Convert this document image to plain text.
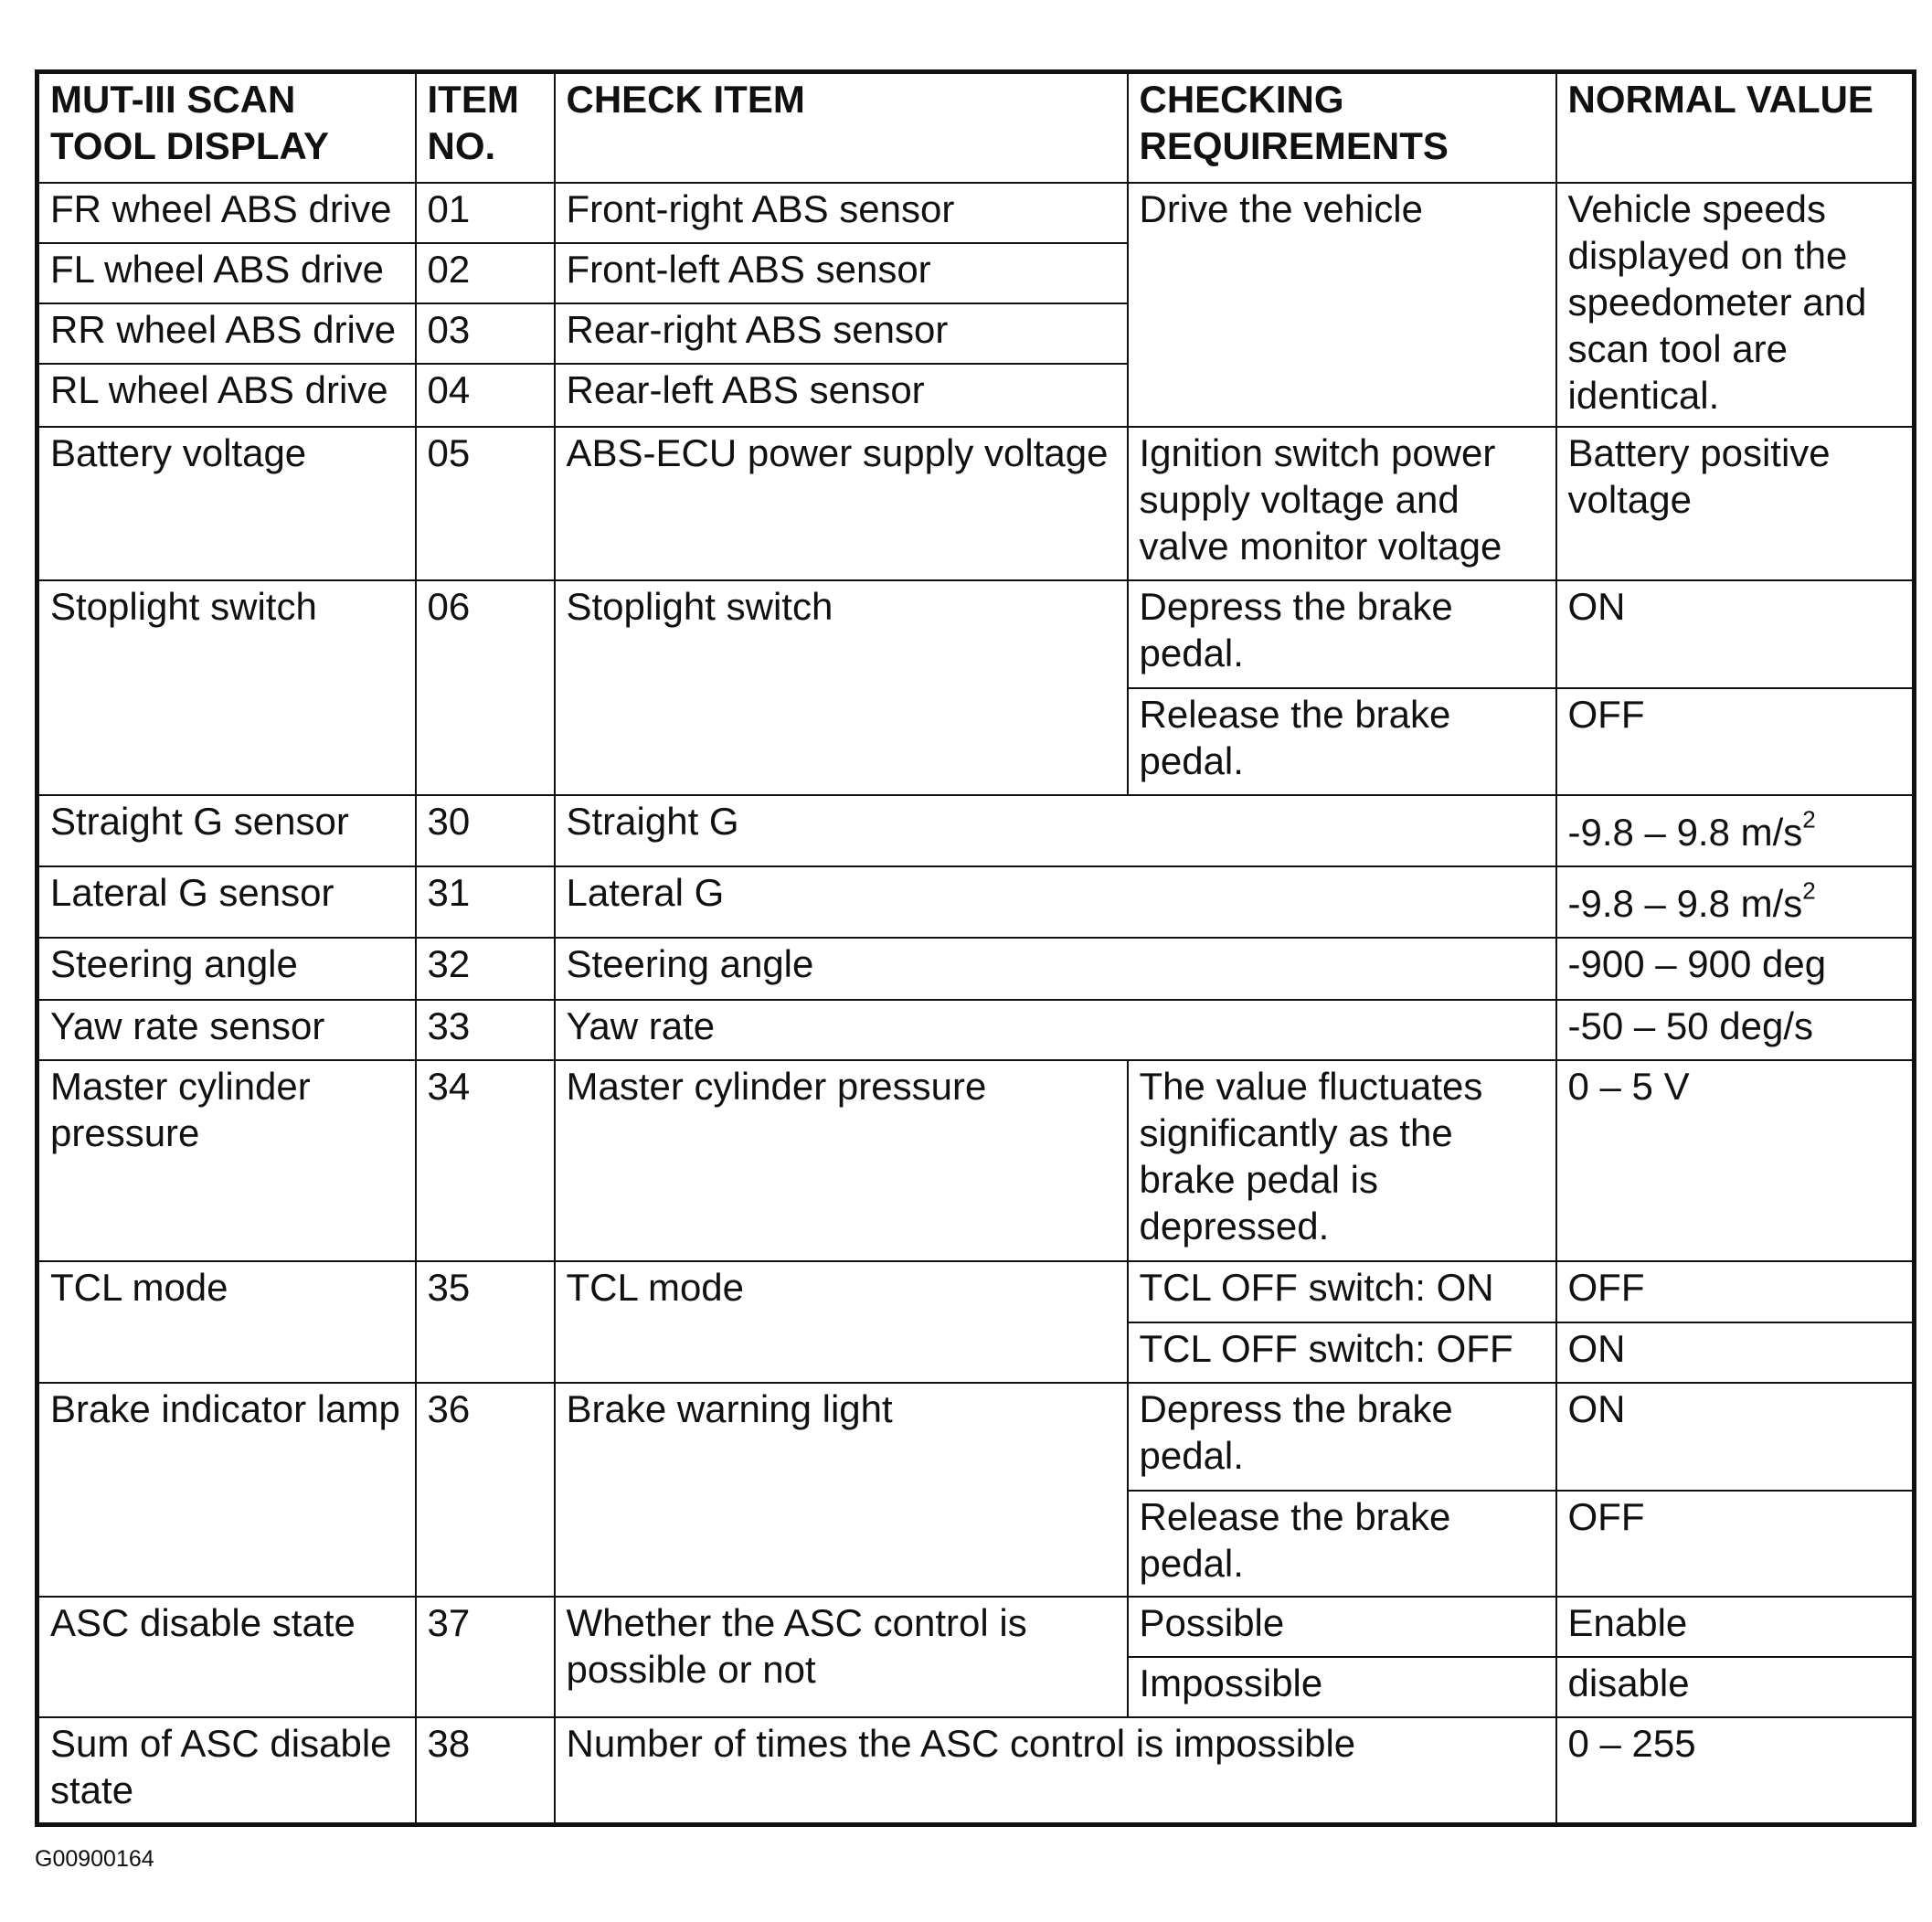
MUT-III SCAN TOOL DISPLAY	ITEM NO.	CHECK ITEM	CHECKING REQUIREMENTS	NORMAL VALUE
FR wheel ABS drive	01	Front-right ABS sensor	Drive the vehicle	Vehicle speeds displayed on the speedometer and scan tool are identical.
FL wheel ABS drive	02	Front-left ABS sensor		
RR wheel ABS drive	03	Rear-right ABS sensor		
RL wheel ABS drive	04	Rear-left ABS sensor		
Battery voltage	05	ABS-ECU power supply voltage	Ignition switch power supply voltage and valve monitor voltage	Battery positive voltage
Stoplight switch	06	Stoplight switch	Depress the brake pedal.	ON
			Release the brake pedal.	OFF
Straight G sensor	30	Straight G		-9.8 – 9.8 $m/s^2$
Lateral G sensor	31	Lateral G		-9.8 – 9.8 $m/s^2$
Steering angle	32	Steering angle		-900 – 900 deg
Yaw rate sensor	33	Yaw rate		-50 – 50 deg/s
Master cylinder pressure	34	Master cylinder pressure	The value fluctuates significantly as the brake pedal is depressed.	0 – 5 V
TCL mode	35	TCL mode	TCL OFF switch: ON	OFF
			TCL OFF switch: OFF	ON
Brake indicator lamp	36	Brake warning light	Depress the brake pedal.	ON
			Release the brake pedal.	OFF
ASC disable state	37	Whether the ASC control is possible or not	Possible	Enable
			Impossible	disable
Sum of ASC disable state	38	Number of times the ASC control is impossible		0 – 255
G00900164
